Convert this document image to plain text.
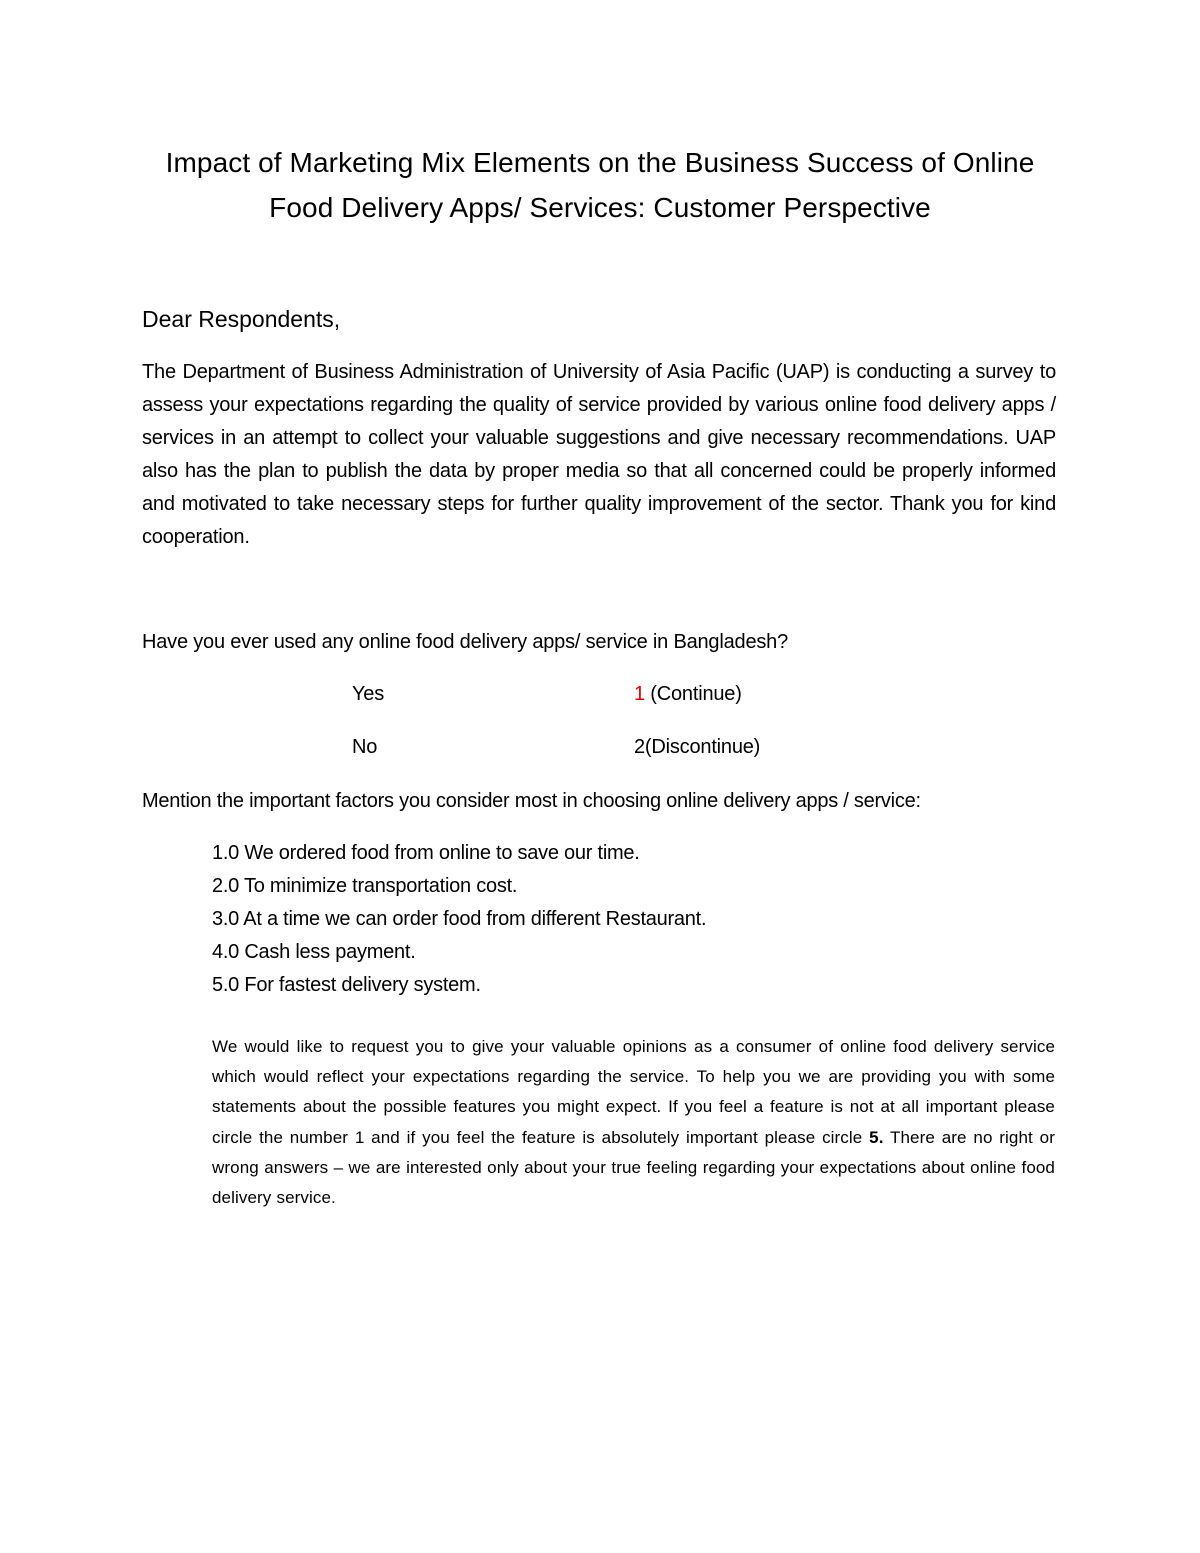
Impact of Marketing Mix Elements on the Business Success of Online
Food Delivery Apps/ Services: Customer Perspective
Dear Respondents,
The Department of Business Administration of University of Asia Pacific (UAP) is conducting a survey to assess your expectations regarding the quality of service provided by various online food delivery apps / services in an attempt to collect your valuable suggestions and give necessary recommendations. UAP also has the plan to publish the data by proper media so that all concerned could be properly informed and motivated to take necessary steps for further quality improvement of the sector. Thank you for kind cooperation.
Have you ever used any online food delivery apps/ service in Bangladesh?
Yes	1 (Continue)
No	2(Discontinue)
Mention the important factors you consider most in choosing online delivery apps / service:
1.0 We ordered food from online to save our time.
2.0 To minimize transportation cost.
3.0 At a time we can order food from different Restaurant.
4.0 Cash less payment.
5.0 For fastest delivery system.
We would like to request you to give your valuable opinions as a consumer of online food delivery service which would reflect your expectations regarding the service. To help you we are providing you with some statements about the possible features you might expect. If you feel a feature is not at all important please circle the number 1 and if you feel the feature is absolutely important please circle 5. There are no right or wrong answers – we are interested only about your true feeling regarding your expectations about online food delivery service.
